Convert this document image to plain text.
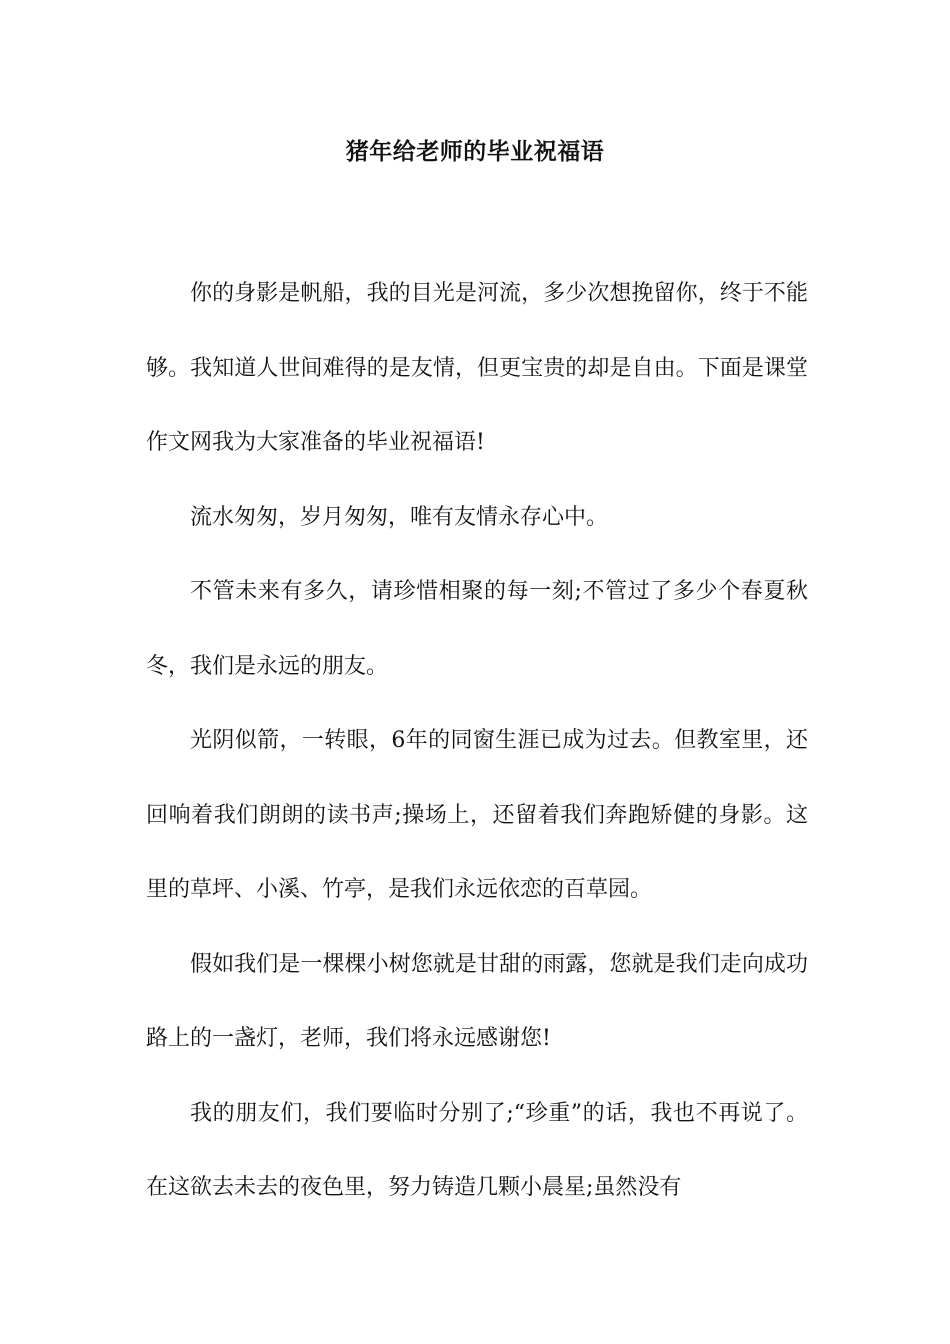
猪年给老师的毕业祝福语

你的身影是帆船，我的目光是河流，多少次想挽留你，终于不能够。我知道人世间难得的是友情，但更宝贵的却是自由。下面是课堂作文网我为大家准备的毕业祝福语!

流水匆匆，岁月匆匆，唯有友情永存心中。

不管未来有多久，请珍惜相聚的每一刻;不管过了多少个春夏秋冬，我们是永远的朋友。

光阴似箭，一转眼，6年的同窗生涯已成为过去。但教室里，还回响着我们朗朗的读书声;操场上，还留着我们奔跑矫健的身影。这里的草坪、小溪、竹亭，是我们永远依恋的百草园。

假如我们是一棵棵小树您就是甘甜的雨露，您就是我们走向成功路上的一盏灯，老师，我们将永远感谢您!

我的朋友们，我们要临时分别了;“珍重”的话，我也不再说了。在这欲去未去的夜色里，努力铸造几颗小晨星;虽然没有
